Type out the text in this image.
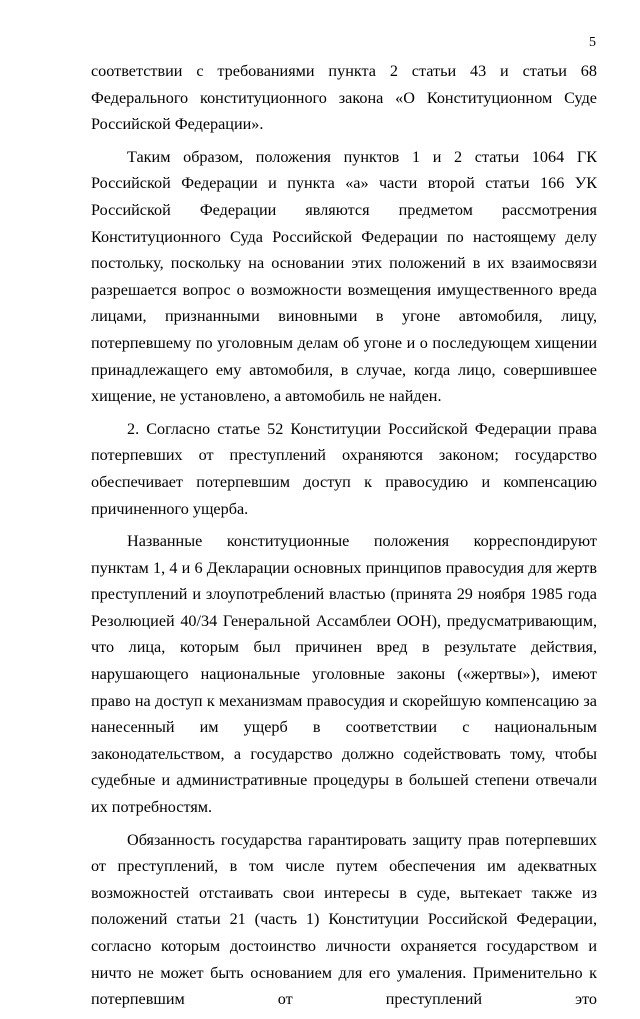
5

соответствии с требованиями пункта 2 статьи 43 и статьи 68 Федерального конституционного закона «О Конституционном Суде Российской Федерации».

Таким образом, положения пунктов 1 и 2 статьи 1064 ГК Российской Федерации и пункта «а» части второй статьи 166 УК Российской Федерации являются предметом рассмотрения Конституционного Суда Российской Федерации по настоящему делу постольку, поскольку на основании этих положений в их взаимосвязи разрешается вопрос о возможности возмещения имущественного вреда лицами, признанными виновными в угоне автомобиля, лицу, потерпевшему по уголовным делам об угоне и о последующем хищении принадлежащего ему автомобиля, в случае, когда лицо, совершившее хищение, не установлено, а автомобиль не найден.

2. Согласно статье 52 Конституции Российской Федерации права потерпевших от преступлений охраняются законом; государство обеспечивает потерпевшим доступ к правосудию и компенсацию причиненного ущерба.

Названные конституционные положения корреспондируют пунктам 1, 4 и 6 Декларации основных принципов правосудия для жертв преступлений и злоупотреблений властью (принята 29 ноября 1985 года Резолюцией 40/34 Генеральной Ассамблеи ООН), предусматривающим, что лица, которым был причинен вред в результате действия, нарушающего национальные уголовные законы («жертвы»), имеют право на доступ к механизмам правосудия и скорейшую компенсацию за нанесенный им ущерб в соответствии с национальным законодательством, а государство должно содействовать тому, чтобы судебные и административные процедуры в большей степени отвечали их потребностям.

Обязанность государства гарантировать защиту прав потерпевших от преступлений, в том числе путем обеспечения им адекватных возможностей отстаивать свои интересы в суде, вытекает также из положений статьи 21 (часть 1) Конституции Российской Федерации, согласно которым достоинство личности охраняется государством и ничто не может быть основанием для его умаления. Применительно к потерпевшим от преступлений это
